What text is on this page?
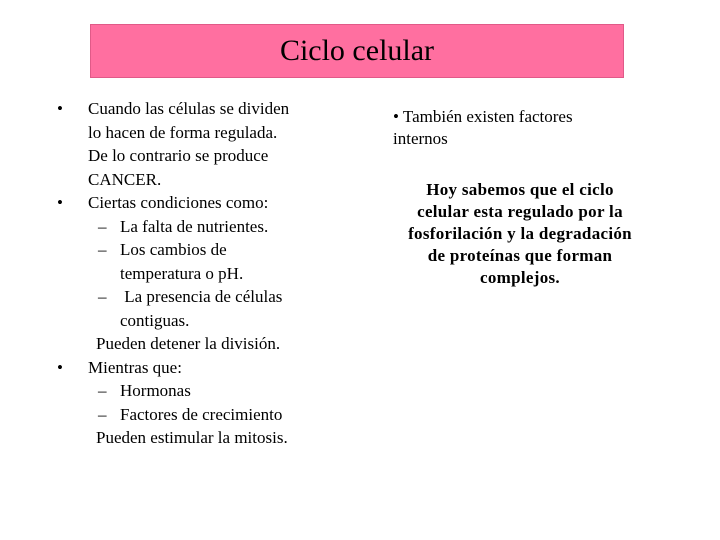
Ciclo celular
•	Cuando las células se dividen
lo hacen de forma regulada.
De lo contrario se produce
CANCER.
•	Ciertas condiciones como:
– La falta de nutrientes.
– Los cambios de
temperatura o pH.
– La presencia de células
contiguas.
Pueden detener la división.
•	Mientras que:
– Hormonas
– Factores de crecimiento
Pueden estimular la mitosis.
• También existen factores
internos
Hoy sabemos que el ciclo
celular esta regulado por la
fosforilación y la degradación
de proteínas que forman
complejos.
